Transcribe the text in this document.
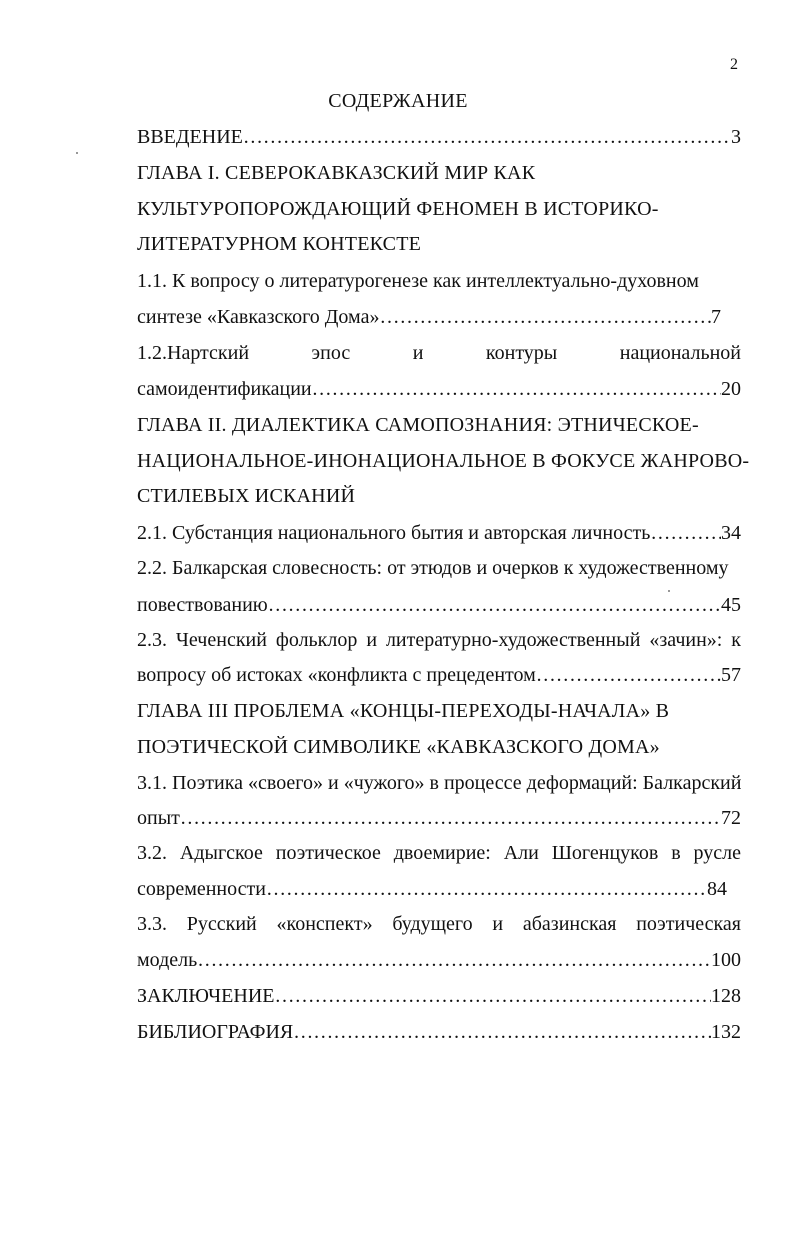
2
СОДЕРЖАНИЕ
ВВЕДЕНИЕ …………………………………………………………………………………………………………………………………………………	3
ГЛАВА I. СЕВЕРОКАВКАЗСКИЙ МИР КАК
КУЛЬТУРОПОРОЖДАЮЩИЙ ФЕНОМЕН В ИСТОРИКО-
ЛИТЕРАТУРНОМ КОНТЕКСТЕ
1.1. К вопросу о литературогенезе как интеллектуально-духовном
синтезе «Кавказского Дома» …………………………………………………………………………………………………………………………………………………	7
1.2.Нартский эпос и контуры национальной
самоидентификации …………………………………………………………………………………………………………………………………………………	20
ГЛАВА II. ДИАЛЕКТИКА САМОПОЗНАНИЯ: ЭТНИЧЕСКОЕ-
НАЦИОНАЛЬНОЕ-ИНОНАЦИОНАЛЬНОЕ В ФОКУСЕ ЖАНРОВО-
СТИЛЕВЫХ ИСКАНИЙ
2.1. Субстанция национального бытия и авторская личность …………………………………………………………………………………………………………………………………………………	34
2.2. Балкарская словесность: от этюдов и очерков к художественному
повествованию …………………………………………………………………………………………………………………………………………………	45
2.3. Чеченский фольклор и литературно-художественный «зачин»: к
вопросу об истоках «конфликта с прецедентом …………………………………………………………………………………………………………………………………………………	57
ГЛАВА III ПРОБЛЕМА «КОНЦЫ-ПЕРЕХОДЫ-НАЧАЛА» В
ПОЭТИЧЕСКОЙ СИМВОЛИКЕ «КАВКАЗСКОГО ДОМА»
3.1. Поэтика «своего» и «чужого» в процессе деформаций: Балкарский
опыт …………………………………………………………………………………………………………………………………………………	72
3.2. Адыгское поэтическое двоемирие: Али Шогенцуков в русле
современности …………………………………………………………………………………………………………………………………………………	84
3.3. Русский «конспект» будущего и абазинская поэтическая
модель …………………………………………………………………………………………………………………………………………………	100
ЗАКЛЮЧЕНИЕ …………………………………………………………………………………………………………………………………………………	128
БИБЛИОГРАФИЯ …………………………………………………………………………………………………………………………………………………	132
